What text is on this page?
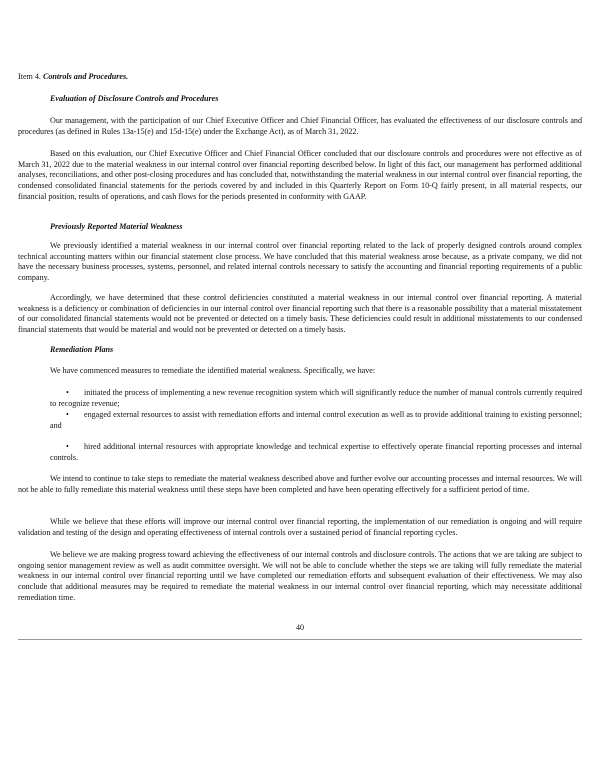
Item 4. Controls and Procedures.

Evaluation of Disclosure Controls and Procedures

Our management, with the participation of our Chief Executive Officer and Chief Financial Officer, has evaluated the effectiveness of our disclosure controls and procedures (as defined in Rules 13a-15(e) and 15d-15(e) under the Exchange Act), as of March 31, 2022.

Based on this evaluation, our Chief Executive Officer and Chief Financial Officer concluded that our disclosure controls and procedures were not effective as of March 31, 2022 due to the material weakness in our internal control over financial reporting described below. In light of this fact, our management has performed additional analyses, reconciliations, and other post-closing procedures and has concluded that, notwithstanding the material weakness in our internal control over financial reporting, the condensed consolidated financial statements for the periods covered by and included in this Quarterly Report on Form 10-Q fairly present, in all material respects, our financial position, results of operations, and cash flows for the periods presented in conformity with GAAP.

Previously Reported Material Weakness

We previously identified a material weakness in our internal control over financial reporting related to the lack of properly designed controls around complex technical accounting matters within our financial statement close process. We have concluded that this material weakness arose because, as a private company, we did not have the necessary business processes, systems, personnel, and related internal controls necessary to satisfy the accounting and financial reporting requirements of a public company.

Accordingly, we have determined that these control deficiencies constituted a material weakness in our internal control over financial reporting. A material weakness is a deficiency or combination of deficiencies in our internal control over financial reporting such that there is a reasonable possibility that a material misstatement of our consolidated financial statements would not be prevented or detected on a timely basis. These deficiencies could result in additional misstatements to our condensed financial statements that would be material and would not be prevented or detected on a timely basis.

Remediation Plans

We have commenced measures to remediate the identified material weakness. Specifically, we have:

• initiated the process of implementing a new revenue recognition system which will significantly reduce the number of manual controls currently required to recognize revenue;

• engaged external resources to assist with remediation efforts and internal control execution as well as to provide additional training to existing personnel; and

• hired additional internal resources with appropriate knowledge and technical expertise to effectively operate financial reporting processes and internal controls.

We intend to continue to take steps to remediate the material weakness described above and further evolve our accounting processes and internal resources. We will not be able to fully remediate this material weakness until these steps have been completed and have been operating effectively for a sufficient period of time.

While we believe that these efforts will improve our internal control over financial reporting, the implementation of our remediation is ongoing and will require validation and testing of the design and operating effectiveness of internal controls over a sustained period of financial reporting cycles.

We believe we are making progress toward achieving the effectiveness of our internal controls and disclosure controls. The actions that we are taking are subject to ongoing senior management review as well as audit committee oversight. We will not be able to conclude whether the steps we are taking will fully remediate the material weakness in our internal control over financial reporting until we have completed our remediation efforts and subsequent evaluation of their effectiveness. We may also conclude that additional measures may be required to remediate the material weakness in our internal control over financial reporting, which may necessitate additional remediation time.

40
